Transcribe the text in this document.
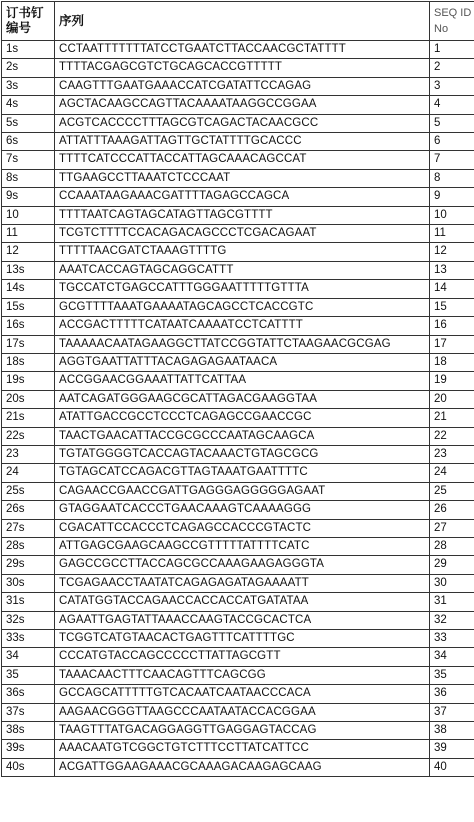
订书钉
编号	序列	SEQ ID
No

1s	CCTAATTTTTTTATCCTGAATCTTACCAACGCTATTTT	1
2s	TTTTACGAGCGTCTGCAGCACCGTTTTT	2
3s	CAAGTTTGAATGAAACCATCGATATTCCAGAG	3
4s	AGCTACAAGCCAGTTACAAAATAAGGCCGGAA	4
5s	ACGTCACCCCTTTAGCGTCAGACTACAACGCC	5
6s	ATTATTTAAAGATTAGTTGCTATTTTGCACCC	6
7s	TTTTCATCCCATTACCATTAGCAAACAGCCAT	7
8s	TTGAAGCCTTAAATCTCCCAAT	8
9s	CCAAATAAGAAACGATTTTAGAGCCAGCA	9
10	TTTTAATCAGTAGCATAGTTAGCGTTTT	10
11	TCGTCTTTTCCACAGACAGCCCTCGACAGAAT	11
12	TTTTTAACGATCTAAAGTTTTG	12
13s	AAATCACCAGTAGCAGGCATTT	13
14s	TGCCATCTGAGCCATTTGGGAATTTTTGTTTA	14
15s	GCGTTTTAAATGAAAATAGCAGCCTCACCGTC	15
16s	ACCGACTTTTTCATAATCAAAATCCTCATTTT	16
17s	TAAAAACAATAGAAGGCTTATCCGGTATTCTAAGAACGCGAG	17
18s	AGGTGAATTATTTACAGAGAGAATAACA	18
19s	ACCGGAACGGAAATTATTCATTAA	19
20s	AATCAGATGGGAAGCGCATTAGACGAAGGTAA	20
21s	ATATTGACCGCCTCCCTCAGAGCCGAACCGC	21
22s	TAACTGAACATTACCGCGCCCAATAGCAAGCA	22
23	TGTATGGGGTCACCAGTACAAACTGTAGCGCG	23
24	TGTAGCATCCAGACGTTAGTAAATGAATTTTC	24
25s	CAGAACCGAACCGATTGAGGGAGGGGGAGAAT	25
26s	GTAGGAATCACCCTGAACAAAGTCAAAAGGG	26
27s	CGACATTCCACCCTCAGAGCCACCCGTACTC	27
28s	ATTGAGCGAAGCAAGCCGTTTTTATTTTCATC	28
29s	GAGCCGCCTTACCAGCGCCAAAGAAGAGGGTA	29
30s	TCGAGAACCTAATATCAGAGAGATAGAAAATT	30
31s	CATATGGTACCAGAACCACCACCATGATATAA	31
32s	AGAATTGAGTATTAAACCAAGTACCGCACTCA	32
33s	TCGGTCATGTAACACTGAGTTTCATTTTGC	33
34	CCCATGTACCAGCCCCCTTATTAGCGTT	34
35	TAAACAACTTTCAACAGTTTCAGCGG	35
36s	GCCAGCATTTTTGTCACAATCAATAACCCACA	36
37s	AAGAACGGGTTAAGCCCAATAATACCACGGAA	37
38s	TAAGTTTATGACAGGAGGTTGAGGAGTACCAG	38
39s	AAACAATGTCGGCTGTCTTTCCTTATCATTCC	39
40s	ACGATTGGAAGAAACGCAAAGACAAGAGCAAG	40
